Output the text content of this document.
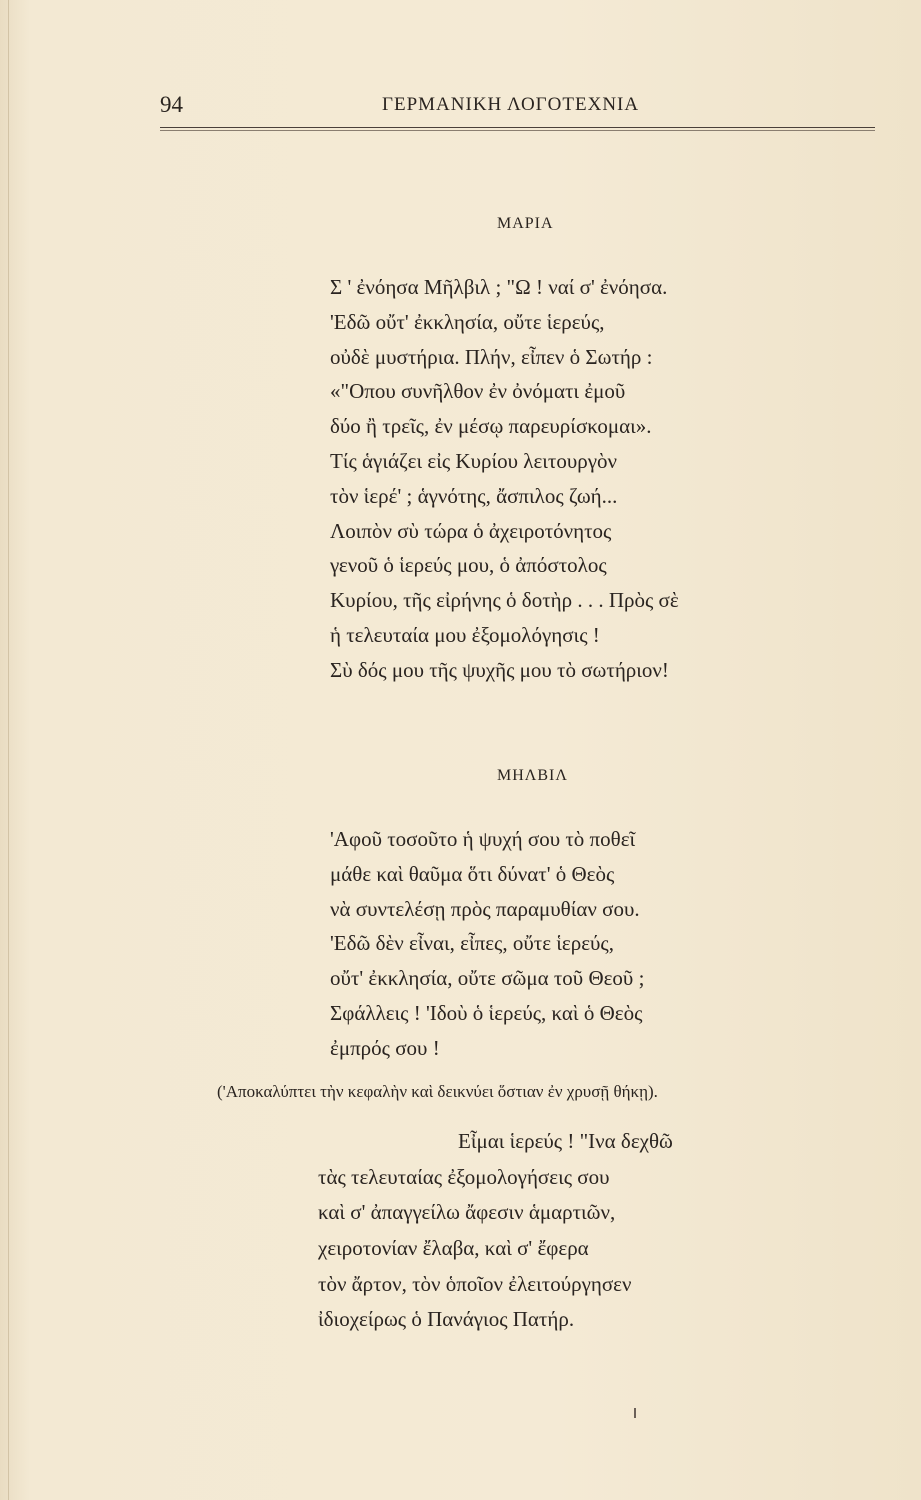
94	ΓΕΡΜΑΝΙΚΗ ΛΟΓΟΤΕΧΝΙΑ
ΜΑΡΙΑ
Σ ' ἐνόησα Μῆλβιλ ; "Ω ! ναί σ' ἐνόησα.
'Εδῶ οὔτ' ἐκκλησία, οὔτε ἱερεύς,
οὐδὲ μυστήρια. Πλήν, εἶπεν ὁ Σωτήρ :
«"Οπου συνῆλθον ἐν ὀνόματι ἐμοῦ
δύο ἢ τρεῖς, ἐν μέσῳ παρευρίσκομαι».
Τίς ἁγιάζει εἰς Κυρίου λειτουργὸν
τὸν ἱερέ' ; ἁγνότης, ἄσπιλος ζωή...
Λοιπὸν σὺ τώρα ὁ ἀχειροτόνητος
γενοῦ ὁ ἱερεύς μου, ὁ ἀπόστολος
Κυρίου, τῆς εἰρήνης ὁ δοτὴρ . . . Πρὸς σὲ
ἡ τελευταία μου ἐξομολόγησις !
Σὺ δός μου τῆς ψυχῆς μου τὸ σωτήριον!
ΜΗΛΒΙΛ
'Αφοῦ τοσοῦτο ἡ ψυχή σου τὸ ποθεῖ
μάθε καὶ θαῦμα ὅτι δύνατ' ὁ Θεὸς
νὰ συντελέσῃ πρὸς παραμυθίαν σου.
'Εδῶ δὲν εἶναι, εἶπες, οὔτε ἱερεύς,
οὔτ' ἐκκλησία, οὔτε σῶμα τοῦ Θεοῦ ;
Σφάλλεις ! 'Ιδοὺ ὁ ἱερεύς, καὶ ὁ Θεὸς
ἐμπρός σου !
('Αποκαλύπτει τὴν κεφαλὴν καὶ δεικνύει ὅστιαν ἐν χρυσῇ θήκῃ).
Εἶμαι ἱερεύς ! "Ινα δεχθῶ
τὰς τελευταίας ἐξομολογήσεις σου
καὶ σ' ἀπαγγείλω ἄφεσιν ἁμαρτιῶν,
χειροτονίαν ἔλαβα, καὶ σ' ἔφερα
τὸν ἄρτον, τὸν ὁποῖον ἐλειτούργησεν
ἰδιοχείρως ὁ Πανάγιος Πατήρ.
